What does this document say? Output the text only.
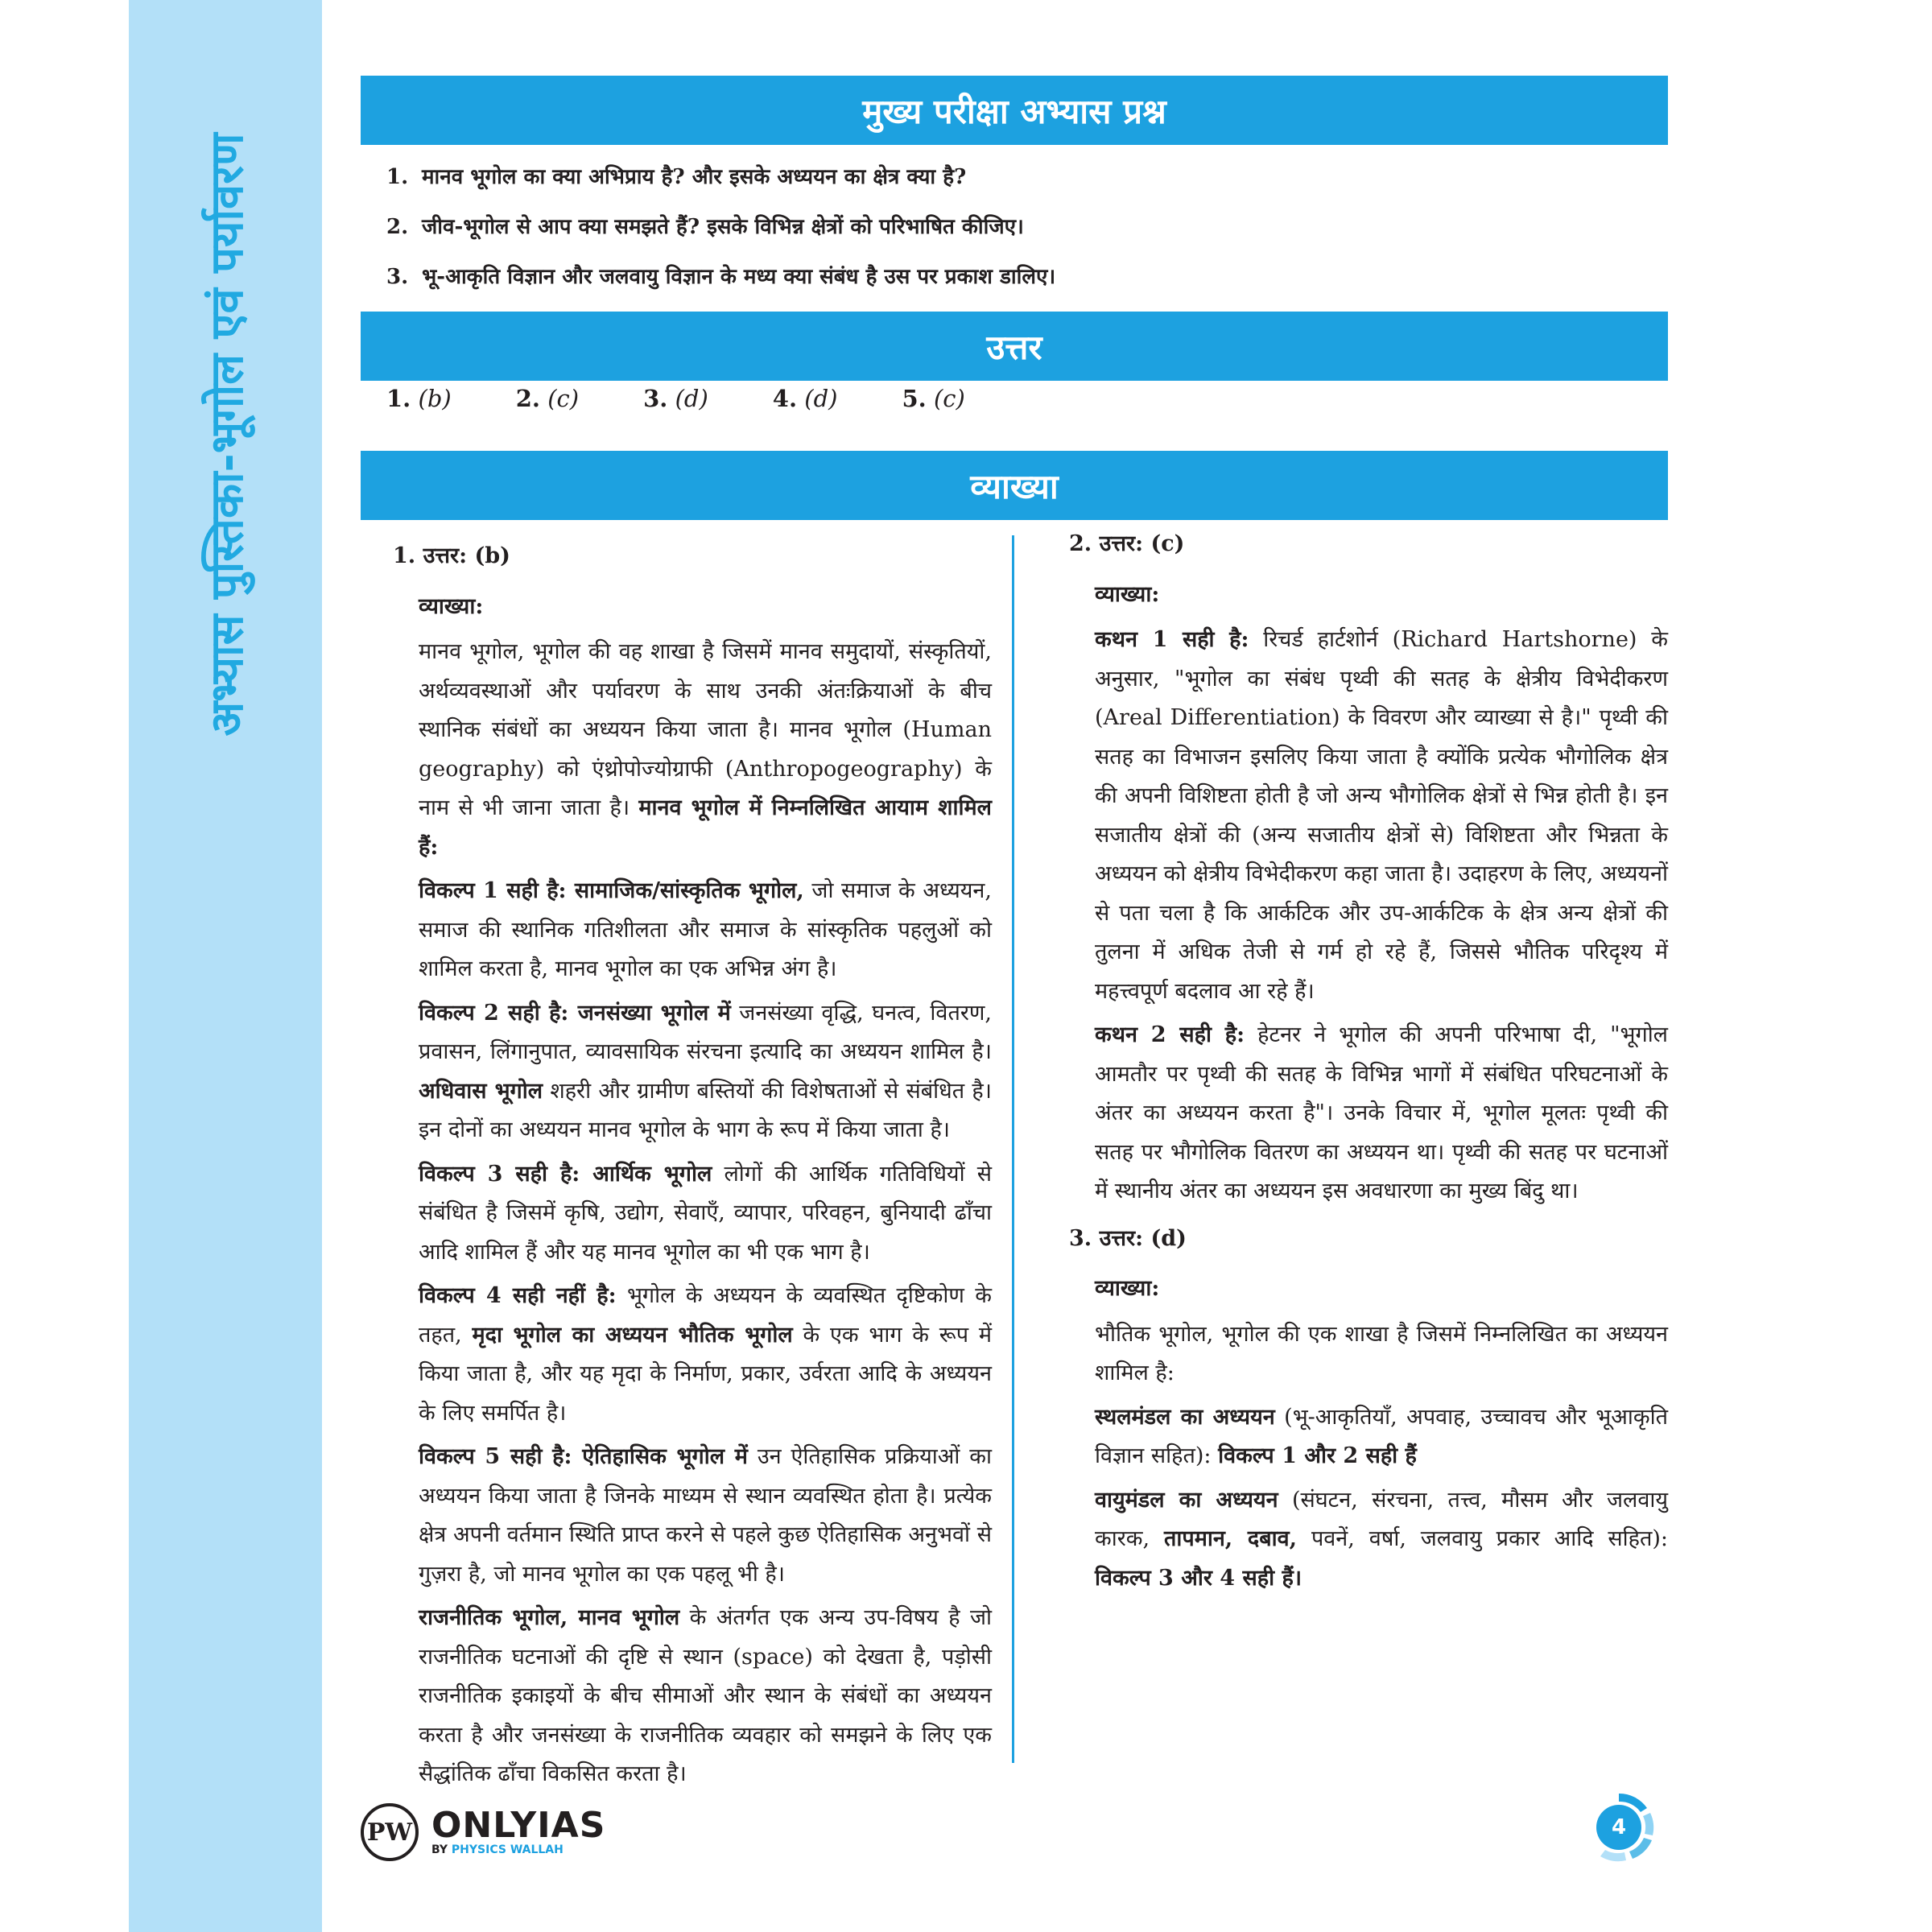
अभ्यास पुस्तिका-भूगोल एवं पर्यावरण
मुख्य परीक्षा अभ्यास प्रश्न
1. मानव भूगोल का क्या अभिप्राय है? और इसके अध्ययन का क्षेत्र क्या है?
2. जीव-भूगोल से आप क्या समझते हैं? इसके विभिन्न क्षेत्रों को परिभाषित कीजिए।
3. भू-आकृति विज्ञान और जलवायु विज्ञान के मध्य क्या संबंध है उस पर प्रकाश डालिए।
उत्तर
1. (b)	2. (c)	3. (d)	4. (d)	5. (c)
व्याख्या
1. उत्तर: (b)
व्याख्या:
मानव भूगोल, भूगोल की वह शाखा है जिसमें मानव समुदायों, संस्कृतियों, अर्थव्यवस्थाओं और पर्यावरण के साथ उनकी अंतःक्रियाओं के बीच स्थानिक संबंधों का अध्ययन किया जाता है। मानव भूगोल (Human geography) को एंथ्रोपोज्योग्राफी (Anthropogeography) के नाम से भी जाना जाता है। मानव भूगोल में निम्नलिखित आयाम शामिल हैं:
विकल्प 1 सही है: सामाजिक/सांस्कृतिक भूगोल, जो समाज के अध्ययन, समाज की स्थानिक गतिशीलता और समाज के सांस्कृतिक पहलुओं को शामिल करता है, मानव भूगोल का एक अभिन्न अंग है।
विकल्प 2 सही है: जनसंख्या भूगोल में जनसंख्या वृद्धि, घनत्व, वितरण, प्रवासन, लिंगानुपात, व्यावसायिक संरचना इत्यादि का अध्ययन शामिल है। अधिवास भूगोल शहरी और ग्रामीण बस्तियों की विशेषताओं से संबंधित है। इन दोनों का अध्ययन मानव भूगोल के भाग के रूप में किया जाता है।
विकल्प 3 सही है: आर्थिक भूगोल लोगों की आर्थिक गतिविधियों से संबंधित है जिसमें कृषि, उद्योग, सेवाएँ, व्यापार, परिवहन, बुनियादी ढाँचा आदि शामिल हैं और यह मानव भूगोल का भी एक भाग है।
विकल्प 4 सही नहीं है: भूगोल के अध्ययन के व्यवस्थित दृष्टिकोण के तहत, मृदा भूगोल का अध्ययन भौतिक भूगोल के एक भाग के रूप में किया जाता है, और यह मृदा के निर्माण, प्रकार, उर्वरता आदि के अध्ययन के लिए समर्पित है।
विकल्प 5 सही है: ऐतिहासिक भूगोल में उन ऐतिहासिक प्रक्रियाओं का अध्ययन किया जाता है जिनके माध्यम से स्थान व्यवस्थित होता है। प्रत्येक क्षेत्र अपनी वर्तमान स्थिति प्राप्त करने से पहले कुछ ऐतिहासिक अनुभवों से गुज़रा है, जो मानव भूगोल का एक पहलू भी है।
राजनीतिक भूगोल, मानव भूगोल के अंतर्गत एक अन्य उप-विषय है जो राजनीतिक घटनाओं की दृष्टि से स्थान (space) को देखता है, पड़ोसी राजनीतिक इकाइयों के बीच सीमाओं और स्थान के संबंधों का अध्ययन करता है और जनसंख्या के राजनीतिक व्यवहार को समझने के लिए एक सैद्धांतिक ढाँचा विकसित करता है।
2. उत्तर: (c)
व्याख्या:
कथन 1 सही है: रिचर्ड हार्टशोर्न (Richard Hartshorne) के अनुसार, "भूगोल का संबंध पृथ्वी की सतह के क्षेत्रीय विभेदीकरण (Areal Differentiation) के विवरण और व्याख्या से है।" पृथ्वी की सतह का विभाजन इसलिए किया जाता है क्योंकि प्रत्येक भौगोलिक क्षेत्र की अपनी विशिष्टता होती है जो अन्य भौगोलिक क्षेत्रों से भिन्न होती है। इन सजातीय क्षेत्रों की (अन्य सजातीय क्षेत्रों से) विशिष्टता और भिन्नता के अध्ययन को क्षेत्रीय विभेदीकरण कहा जाता है। उदाहरण के लिए, अध्ययनों से पता चला है कि आर्कटिक और उप-आर्कटिक के क्षेत्र अन्य क्षेत्रों की तुलना में अधिक तेजी से गर्म हो रहे हैं, जिससे भौतिक परिदृश्य में महत्त्वपूर्ण बदलाव आ रहे हैं।
कथन 2 सही है: हेटनर ने भूगोल की अपनी परिभाषा दी, "भूगोल आमतौर पर पृथ्वी की सतह के विभिन्न भागों में संबंधित परिघटनाओं के अंतर का अध्ययन करता है"। उनके विचार में, भूगोल मूलतः पृथ्वी की सतह पर भौगोलिक वितरण का अध्ययन था। पृथ्वी की सतह पर घटनाओं में स्थानीय अंतर का अध्ययन इस अवधारणा का मुख्य बिंदु था।
3. उत्तर: (d)
व्याख्या:
भौतिक भूगोल, भूगोल की एक शाखा है जिसमें निम्नलिखित का अध्ययन शामिल है:
स्थलमंडल का अध्ययन (भू-आकृतियाँ, अपवाह, उच्चावच और भूआकृति विज्ञान सहित): विकल्प 1 और 2 सही हैं
वायुमंडल का अध्ययन (संघटन, संरचना, तत्त्व, मौसम और जलवायु कारक, तापमान, दबाव, पवनें, वर्षा, जलवायु प्रकार आदि सहित): विकल्प 3 और 4 सही हैं।
PW ONLYIAS
BY PHYSICS WALLAH
4
